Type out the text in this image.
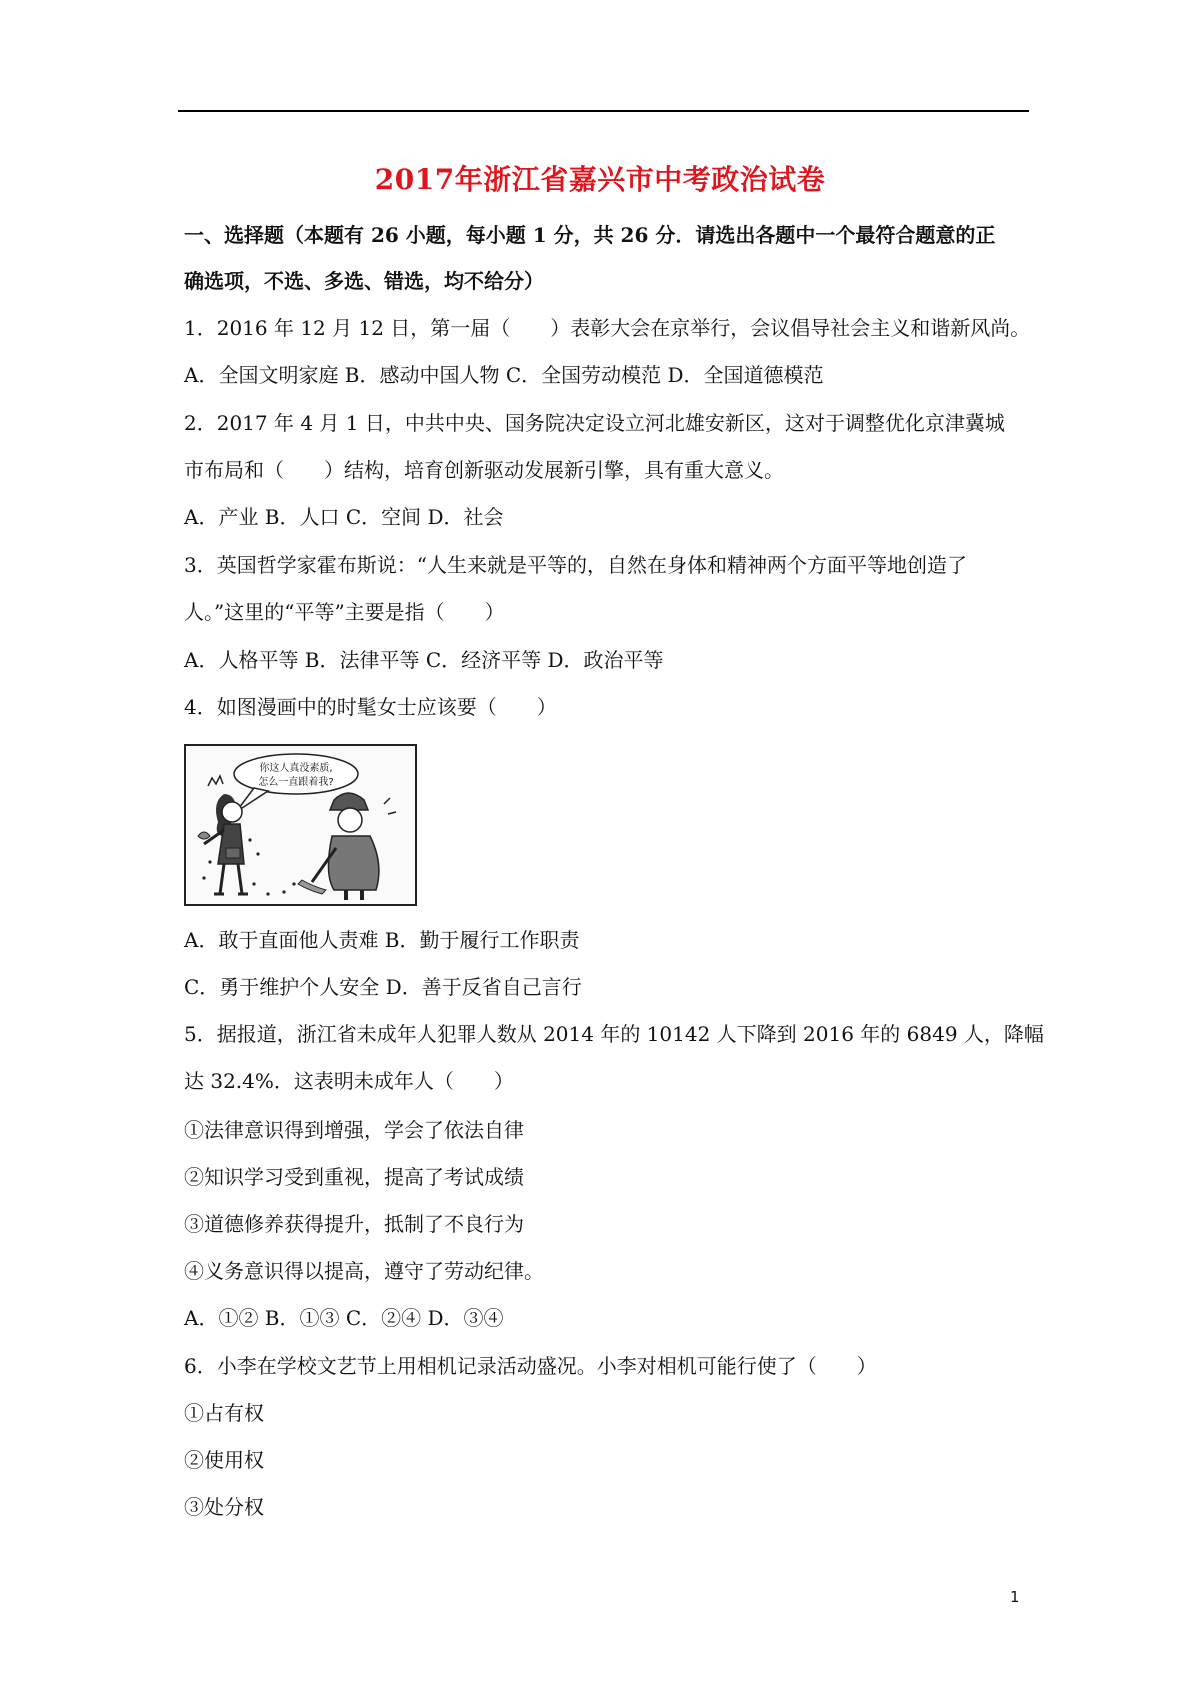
2017年浙江省嘉兴市中考政治试卷
一、选择题（本题有 26 小题，每小题 1 分，共 26 分．请选出各题中一个最符合题意的正
确选项，不选、多选、错选，均不给分）
1．2016 年 12 月 12 日，第一届（　　）表彰大会在京举行，会议倡导社会主义和谐新风尚。
A．全国文明家庭 B．感动中国人物 C．全国劳动模范 D．全国道德模范
2．2017 年 4 月 1 日，中共中央、国务院决定设立河北雄安新区，这对于调整优化京津冀城
市布局和（　　）结构，培育创新驱动发展新引擎，具有重大意义。
A．产业 B．人口 C．空间 D．社会
3．英国哲学家霍布斯说：“人生来就是平等的，自然在身体和精神两个方面平等地创造了
人。”这里的“平等”主要是指（　　）
A．人格平等 B．法律平等 C．经济平等 D．政治平等
4．如图漫画中的时髦女士应该要（　　）
你这人真没素质,
怎么一直跟着我?
A．敢于直面他人责难 B．勤于履行工作职责
C．勇于维护个人安全 D．善于反省自己言行
5．据报道，浙江省未成年人犯罪人数从 2014 年的 10142 人下降到 2016 年的 6849 人，降幅
达 32.4%．这表明未成年人（　　）
①法律意识得到增强，学会了依法自律
②知识学习受到重视，提高了考试成绩
③道德修养获得提升，抵制了不良行为
④义务意识得以提高，遵守了劳动纪律。
A．①② B．①③ C．②④ D．③④
6．小李在学校文艺节上用相机记录活动盛况。小李对相机可能行使了（　　）
①占有权
②使用权
③处分权
1
